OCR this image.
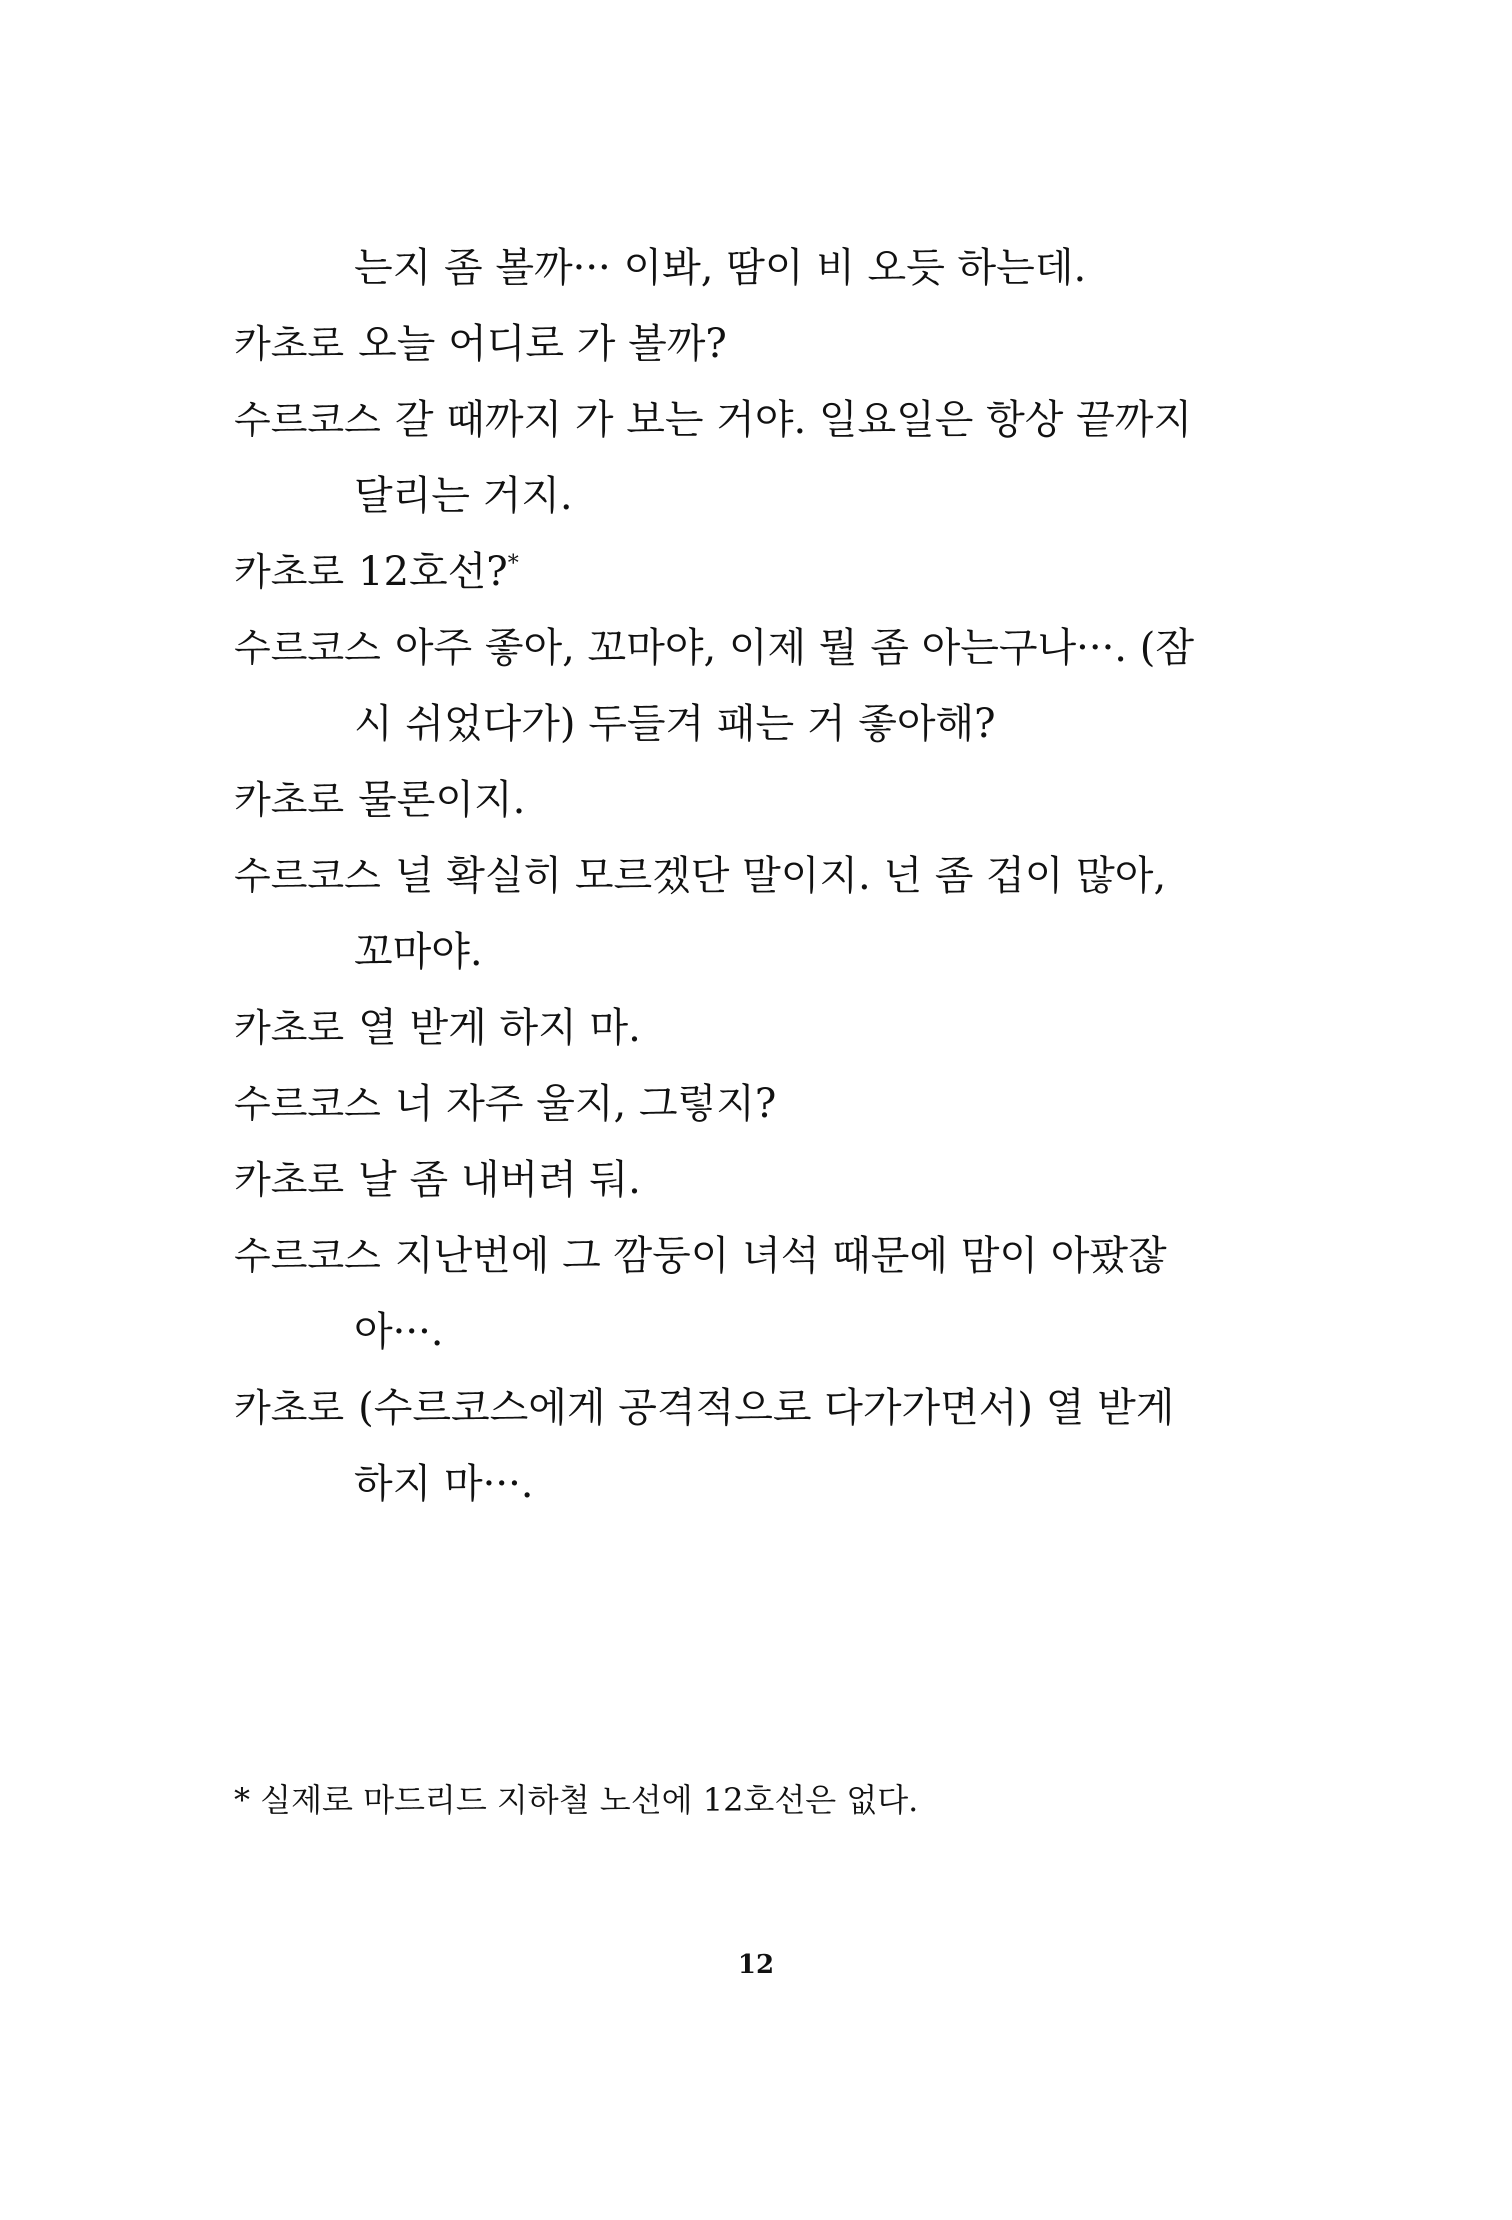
는지 좀 볼까··· 이봐, 땀이 비 오듯 하는데.
카초로 오늘 어디로 가 볼까?
수르코스 갈 때까지 가 보는 거야. 일요일은 항상 끝까지
달리는 거지.
카초로 12호선?*
수르코스 아주 좋아, 꼬마야, 이제 뭘 좀 아는구나···. (잠
시 쉬었다가) 두들겨 패는 거 좋아해?
카초로 물론이지.
수르코스 널 확실히 모르겠단 말이지. 넌 좀 겁이 많아,
꼬마야.
카초로 열 받게 하지 마.
수르코스 너 자주 울지, 그렇지?
카초로 날 좀 내버려 둬.
수르코스 지난번에 그 깜둥이 녀석 때문에 맘이 아팠잖
아···.
카초로 (수르코스에게 공격적으로 다가가면서) 열 받게
하지 마···.
* 실제로 마드리드 지하철 노선에 12호선은 없다.
12
